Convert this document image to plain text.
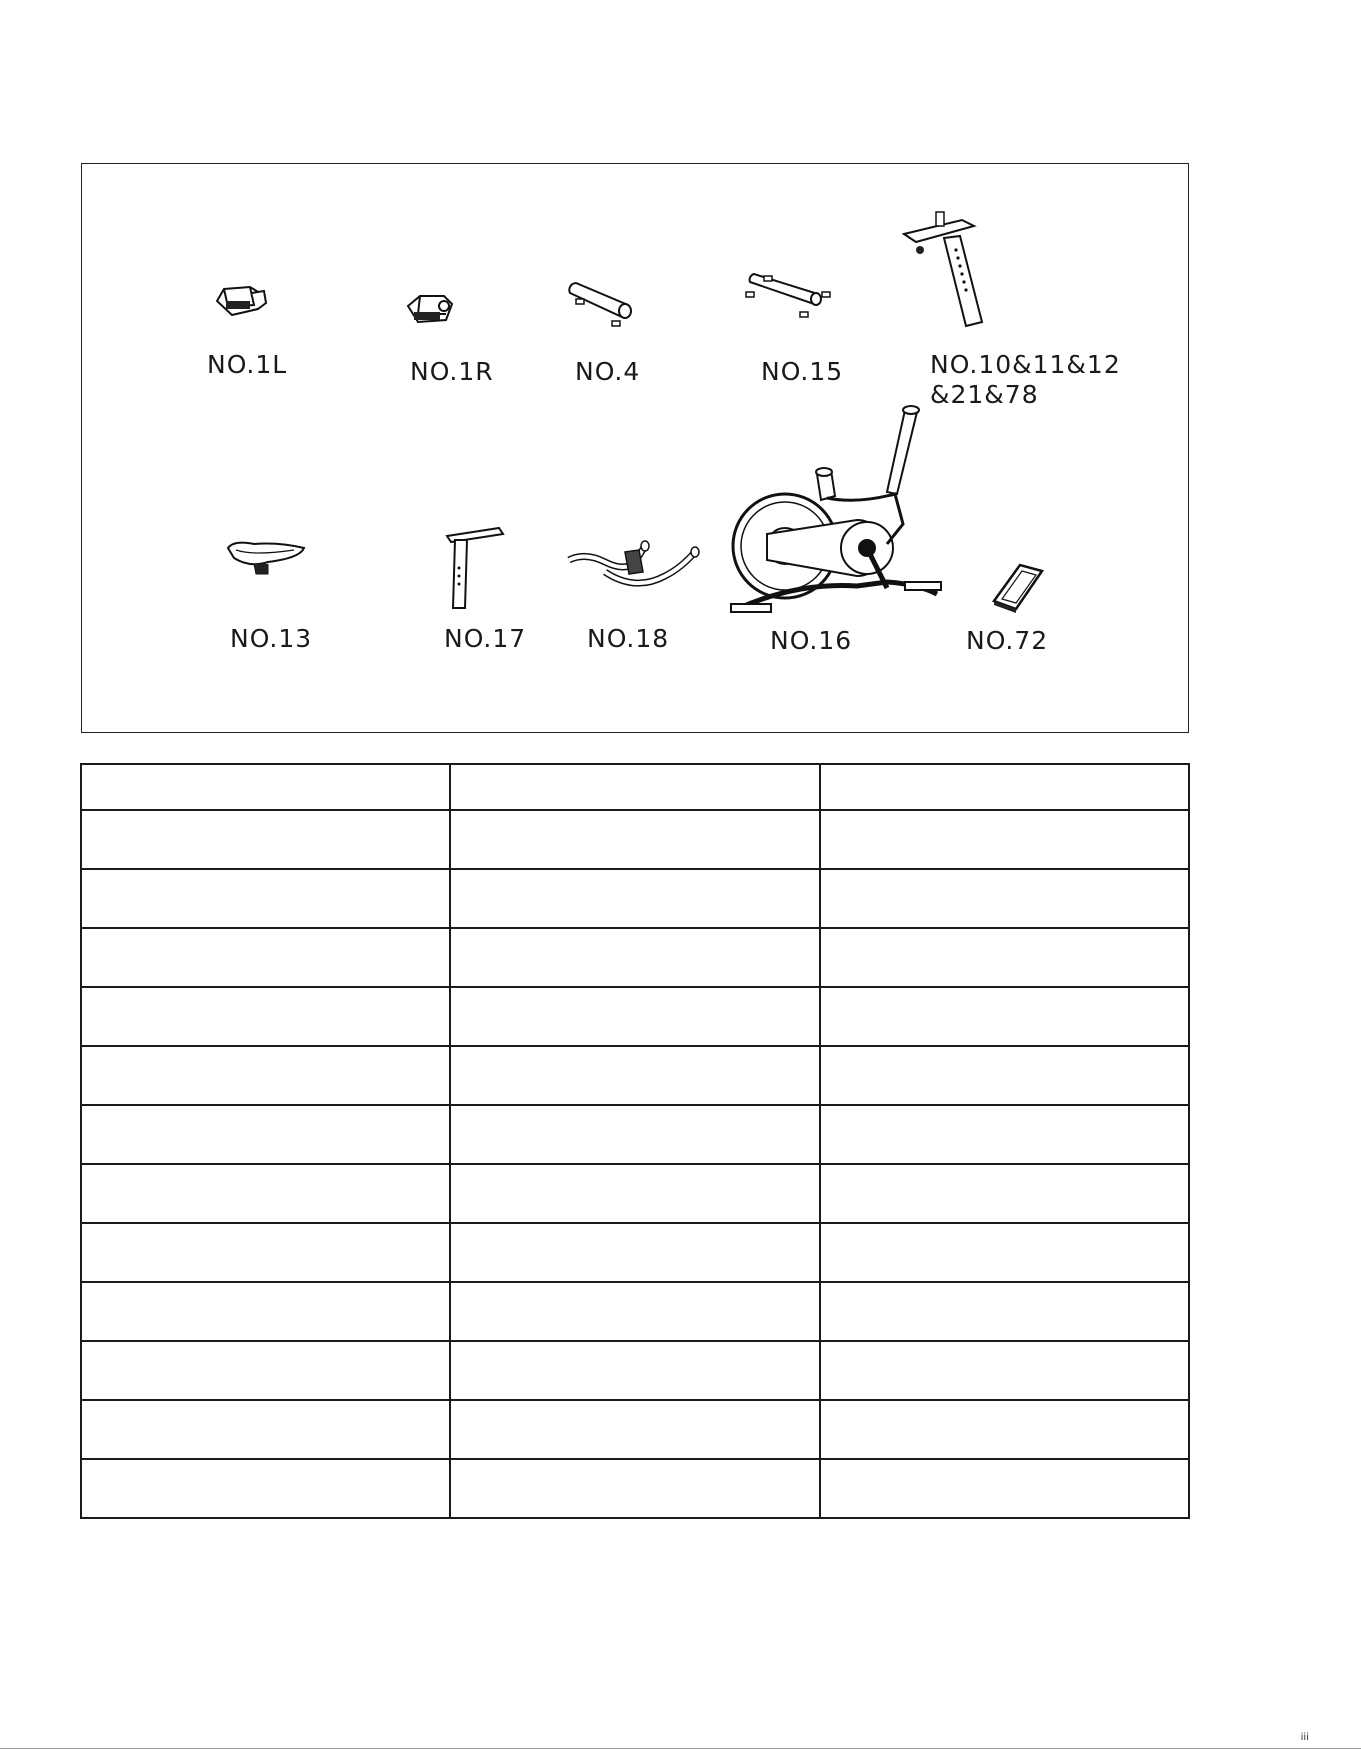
NO.1L	NO.1R	NO.4	NO.15	NO.10&11&12
&21&78
NO.13	NO.17 NO.18	NO.16	NO.72

iii
